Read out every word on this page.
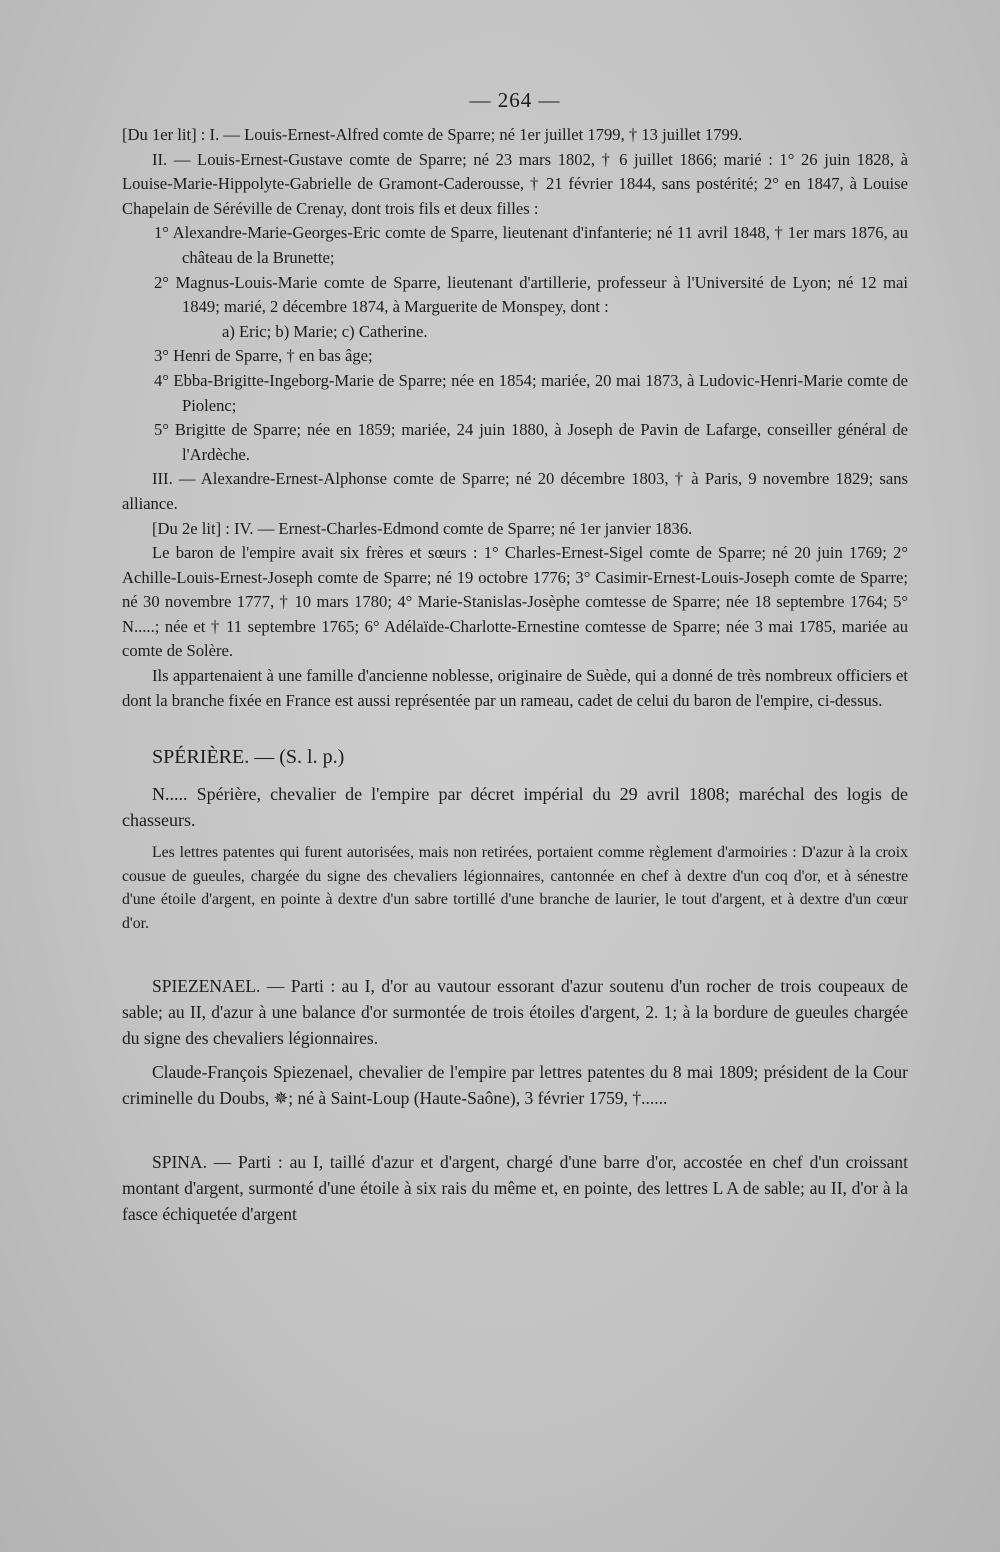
— 264 —

[Du 1er lit] : I. — Louis-Ernest-Alfred comte de Sparre; né 1er juillet 1799, † 13 juillet 1799.

II. — Louis-Ernest-Gustave comte de Sparre; né 23 mars 1802, † 6 juillet 1866; marié : 1° 26 juin 1828, à Louise-Marie-Hippolyte-Gabrielle de Gramont-Caderousse, † 21 février 1844, sans postérité; 2° en 1847, à Louise Chapelain de Séréville de Crenay, dont trois fils et deux filles :

1° Alexandre-Marie-Georges-Eric comte de Sparre, lieutenant d'infanterie; né 11 avril 1848, † 1er mars 1876, au château de la Brunette;

2° Magnus-Louis-Marie comte de Sparre, lieutenant d'artillerie, professeur à l'Université de Lyon; né 12 mai 1849; marié, 2 décembre 1874, à Marguerite de Monspey, dont :

a) Eric; b) Marie; c) Catherine.

3° Henri de Sparre, † en bas âge;

4° Ebba-Brigitte-Ingeborg-Marie de Sparre; née en 1854; mariée, 20 mai 1873, à Ludovic-Henri-Marie comte de Piolenc;

5° Brigitte de Sparre; née en 1859; mariée, 24 juin 1880, à Joseph de Pavin de Lafarge, conseiller général de l'Ardèche.

III. — Alexandre-Ernest-Alphonse comte de Sparre; né 20 décembre 1803, † à Paris, 9 novembre 1829; sans alliance.

[Du 2e lit] : IV. — Ernest-Charles-Edmond comte de Sparre; né 1er janvier 1836.

Le baron de l'empire avait six frères et sœurs : 1° Charles-Ernest-Sigel comte de Sparre; né 20 juin 1769; 2° Achille-Louis-Ernest-Joseph comte de Sparre; né 19 octobre 1776; 3° Casimir-Ernest-Louis-Joseph comte de Sparre; né 30 novembre 1777, † 10 mars 1780; 4° Marie-Stanislas-Josèphe comtesse de Sparre; née 18 septembre 1764; 5° N.....; née et † 11 septembre 1765; 6° Adélaïde-Charlotte-Ernestine comtesse de Sparre; née 3 mai 1785, mariée au comte de Solère.

Ils appartenaient à une famille d'ancienne noblesse, originaire de Suède, qui a donné de très nombreux officiers et dont la branche fixée en France est aussi représentée par un rameau, cadet de celui du baron de l'empire, ci-dessus.

SPÉRIÈRE. — (S. l. p.)

N..... Spérière, chevalier de l'empire par décret impérial du 29 avril 1808; maréchal des logis de chasseurs.

Les lettres patentes qui furent autorisées, mais non retirées, portaient comme règlement d'armoiries : D'azur à la croix cousue de gueules, chargée du signe des chevaliers légionnaires, cantonnée en chef à dextre d'un coq d'or, et à sénestre d'une étoile d'argent, en pointe à dextre d'un sabre tortillé d'une branche de laurier, le tout d'argent, et à dextre d'un cœur d'or.

SPIEZENAEL. — Parti : au I, d'or au vautour essorant d'azur soutenu d'un rocher de trois coupeaux de sable; au II, d'azur à une balance d'or surmontée de trois étoiles d'argent, 2. 1; à la bordure de gueules chargée du signe des chevaliers légionnaires.

Claude-François Spiezenael, chevalier de l'empire par lettres patentes du 8 mai 1809; président de la Cour criminelle du Doubs, ✵; né à Saint-Loup (Haute-Saône), 3 février 1759, †......

SPINA. — Parti : au I, taillé d'azur et d'argent, chargé d'une barre d'or, accostée en chef d'un croissant montant d'argent, surmonté d'une étoile à six rais du même et, en pointe, des lettres L A de sable; au II, d'or à la fasce échiquetée d'argent
